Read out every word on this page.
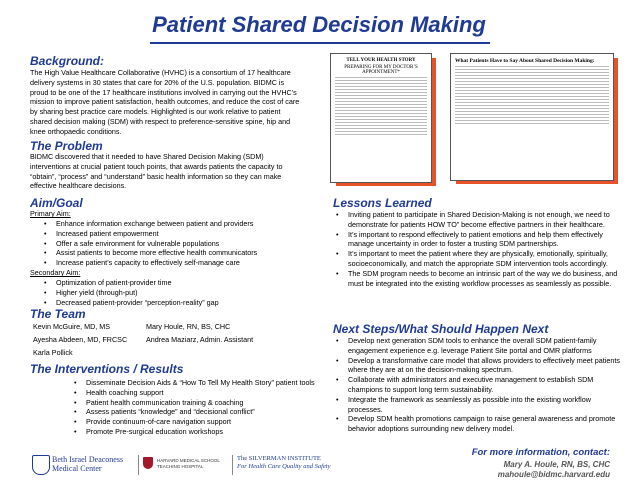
Patient Shared Decision Making
Background:
The High Value Healthcare Collaborative (HVHC) is a consortium of 17 healthcare
delivery systems in 30 states that care for 20% of the U.S. population. BIDMC is
proud to be one of the 17 healthcare institutions involved in carrying out the HVHC’s
mission to improve patient satisfaction, health outcomes, and reduce the cost of care
by sharing best practice care models. Highlighted is our work relative to patient
shared decision making (SDM) with respect to preference-sensitive spine, hip and
knee orthopaedic conditions.
The Problem
BIDMC discovered that it needed to have Shared Decision Making (SDM)
interventions at crucial patient touch points, that awards patients the capacity to
“obtain”, “process” and “understand” basic health information so they can make
effective healthcare decisions.
Aim/Goal
Primary Aim:
• Enhance information exchange between patient and providers
• Increased patient empowerment
• Offer a safe environment for vulnerable populations
• Assist patients to become more effective health communicators
• Increase patient’s capacity to effectively self-manage care
Secondary Aim:
• Optimization of patient-provider time
• Higher yield (through-put)
• Decreased patient-provider “perception-reality” gap
The Team
Kevin McGuire, MD, MS	Mary Houle, RN, BS, CHC
Ayesha Abdeen, MD, FRCSC	Andrea Maziarz, Admin. Assistant
Karla Pollick
The Interventions / Results
• Disseminate Decision Aids & “How To Tell My Health Story” patient tools
• Health coaching support
• Patient health communication training & coaching
• Assess patients “knowledge” and “decisional conflict”
• Provide continuum-of-care navigation support
• Promote Pre-surgical education workshops
TELL YOUR HEALTH STORY
PREPARING FOR MY DOCTOR’S APPOINTMENT*
What Patients Have to Say About Shared Decision Making:
Lessons Learned
• Inviting patient to participate in Shared Decision-Making is not enough, we need to demonstrate for patients HOW TO” become effective partners in their healthcare.
• It’s important to respond effectively to patient emotions and help them effectively manage uncertainty in order to foster a trusting SDM partnerships.
• It’s important to meet the patient where they are physically, emotionally, spiritually, socioeconomically, and match the appropriate SDM intervention tools accordingly.
• The SDM program needs to become an intrinsic part of the way we do business, and must be integrated into the existing workflow processes as seamlessly as possible.
Next Steps/What Should Happen Next
• Develop next generation SDM tools to enhance the overall SDM patient-family engagement experience e.g. leverage Patient Site portal and OMR platforms
• Develop a transformative care model that allows providers to effectively meet patients where they are at on the decision-making spectrum.
• Collaborate with administrators and executive management to establish SDM champions to support long term sustainability.
• Integrate the framework as seamlessly as possible into the existing workflow processes.
• Develop SDM health promotions campaign to raise general awareness and promote behavior adoptions surrounding new delivery model.
Beth Israel Deaconess
Medical Center
HARVARD MEDICAL SCHOOL
TEACHING HOSPITAL
The SILVERMAN INSTITUTE
For Health Care Quality and Safety
For more information, contact:
Mary A. Houle, RN, BS, CHC
mahoule@bidmc.harvard.edu
